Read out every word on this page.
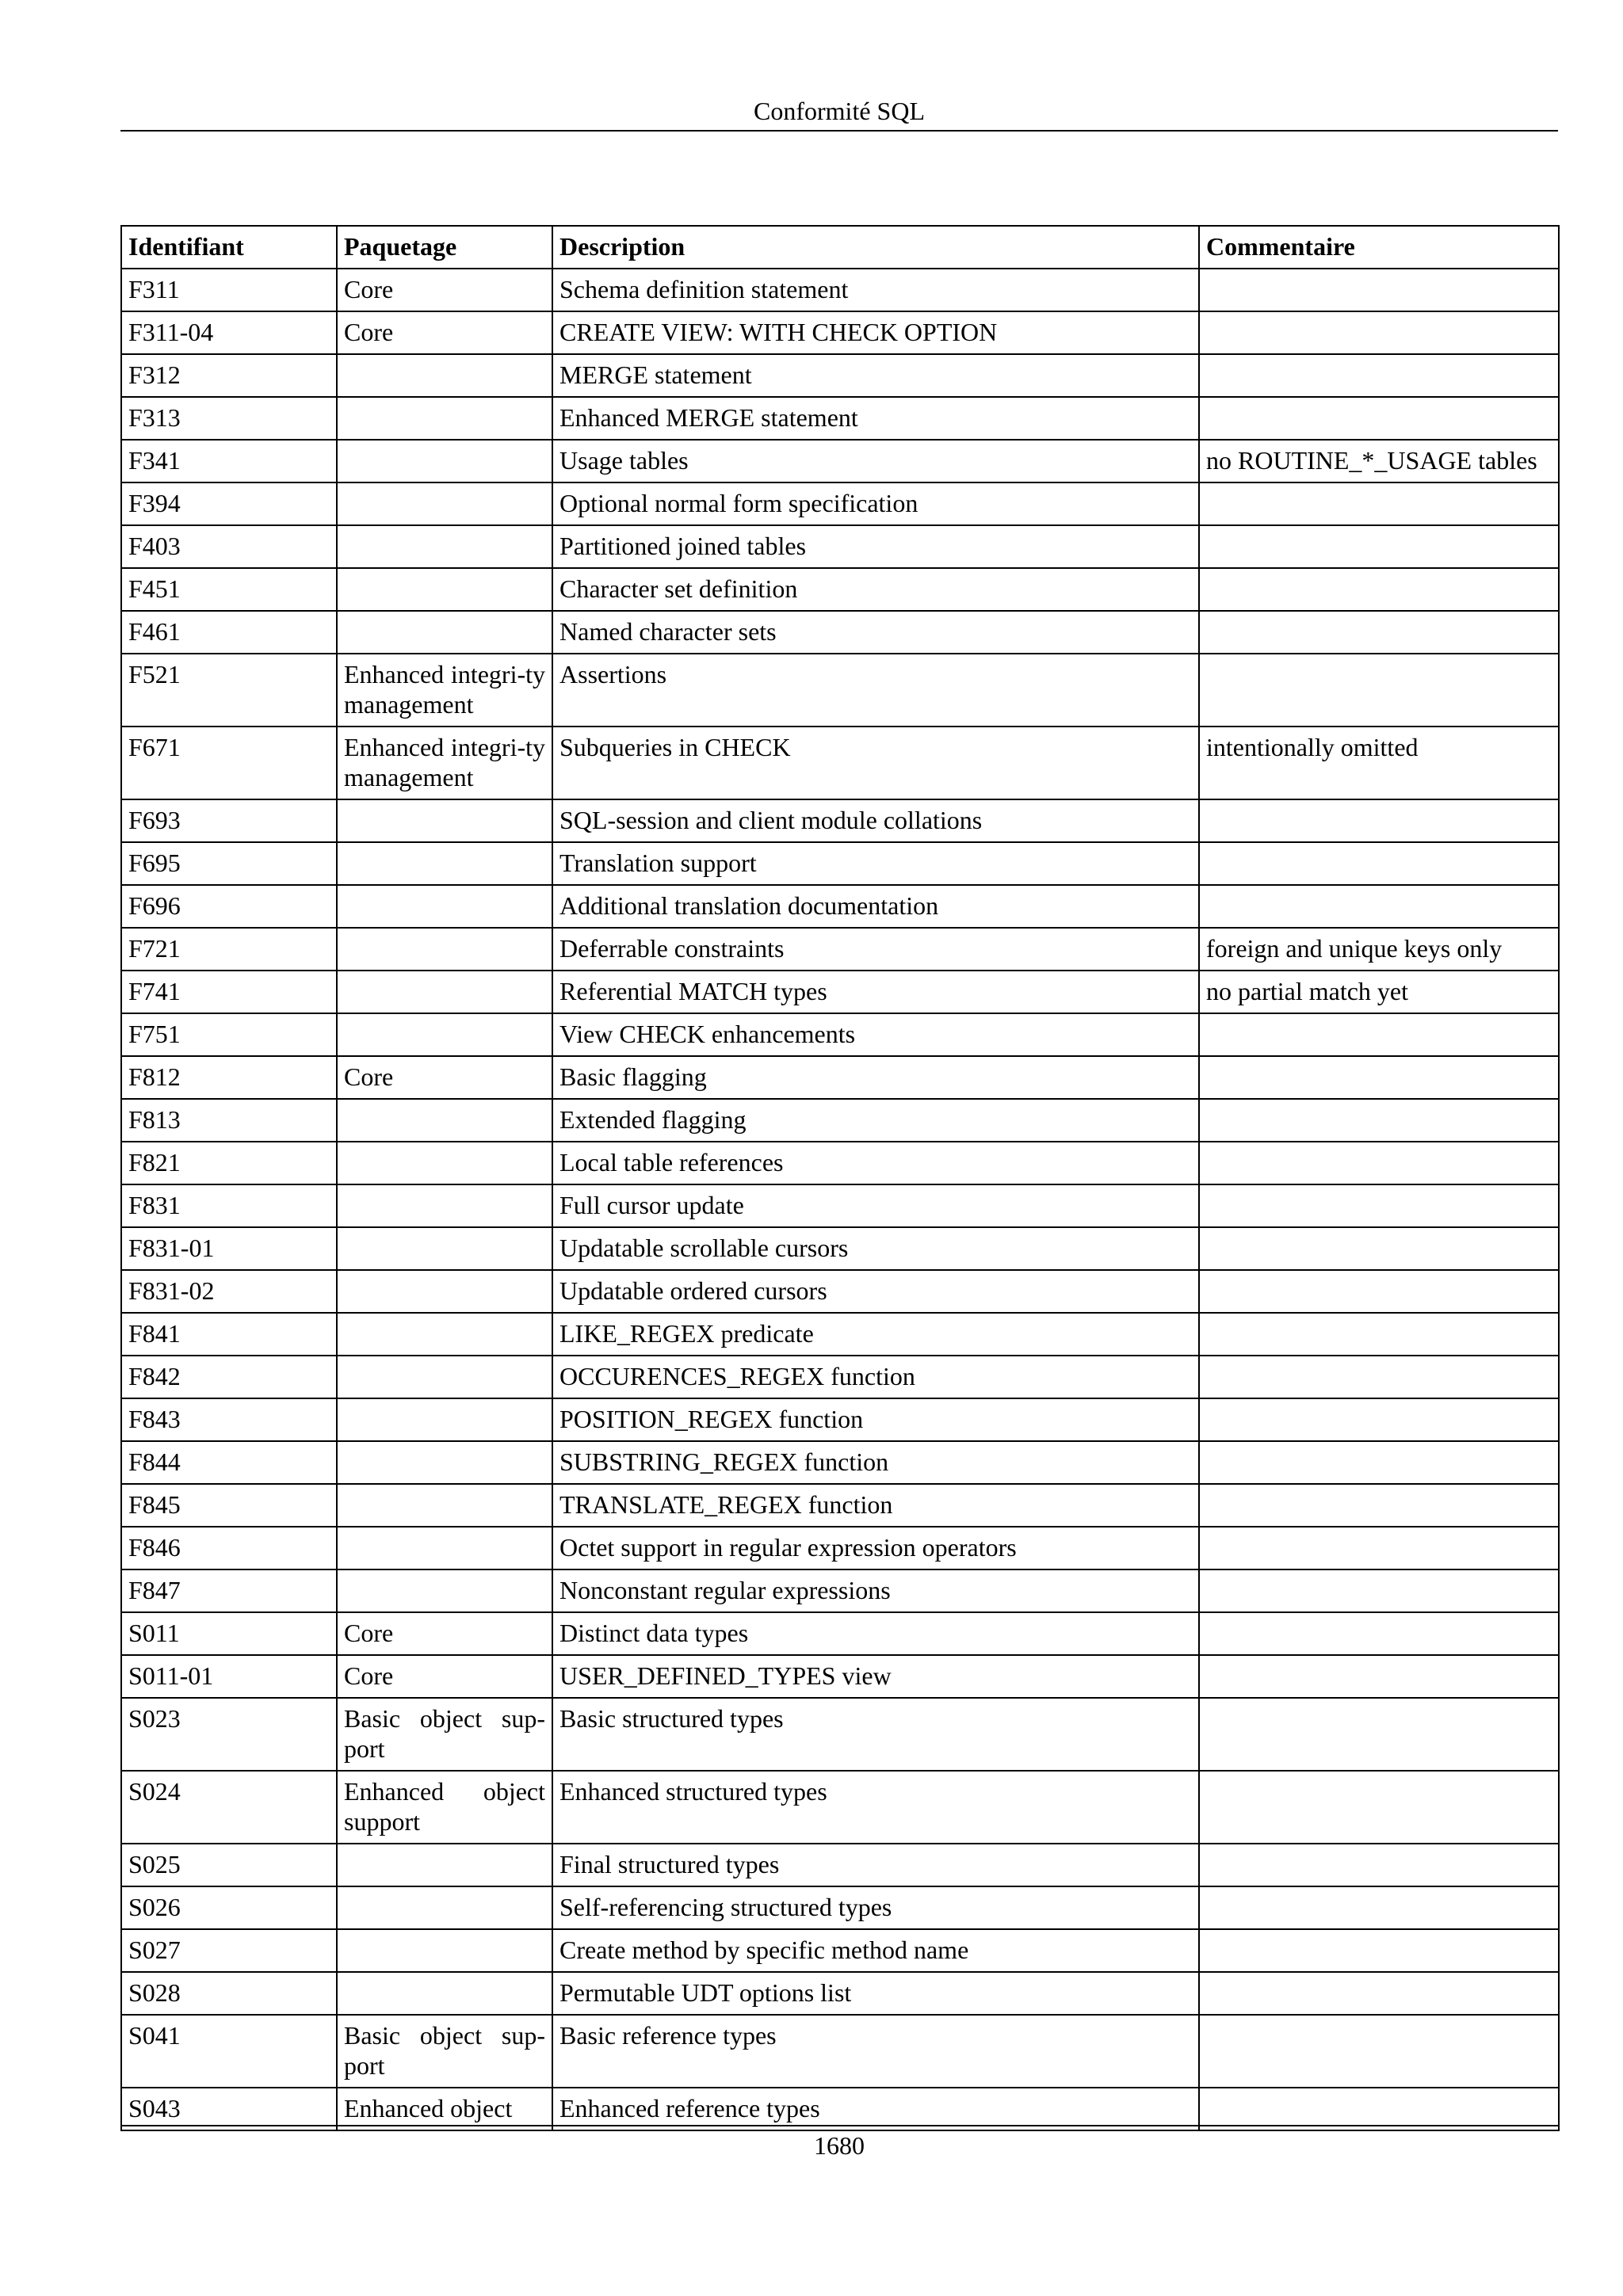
Conformité SQL
Identifiant	Paquetage	Description	Commentaire
F311	Core	Schema definition statement	
F311-04	Core	CREATE VIEW: WITH CHECK OPTION	
F312		MERGE statement	
F313		Enhanced MERGE statement	
F341		Usage tables	no ROUTINE_*_USAGE tables
F394		Optional normal form specification	
F403		Partitioned joined tables	
F451		Character set definition	
F461		Named character sets	
F521	Enhanced integri-ty management	Assertions	
F671	Enhanced integri-ty management	Subqueries in CHECK	intentionally omitted
F693		SQL-session and client module collations	
F695		Translation support	
F696		Additional translation documentation	
F721		Deferrable constraints	foreign and unique keys only
F741		Referential MATCH types	no partial match yet
F751		View CHECK enhancements	
F812	Core	Basic flagging	
F813		Extended flagging	
F821		Local table references	
F831		Full cursor update	
F831-01		Updatable scrollable cursors	
F831-02		Updatable ordered cursors	
F841		LIKE_REGEX predicate	
F842		OCCURENCES_REGEX function	
F843		POSITION_REGEX function	
F844		SUBSTRING_REGEX function	
F845		TRANSLATE_REGEX function	
F846		Octet support in regular expression operators	
F847		Nonconstant regular expressions	
S011	Core	Distinct data types	
S011-01	Core	USER_DEFINED_TYPES view	
S023	Basic object sup-port	Basic structured types	
S024	Enhanced object support	Enhanced structured types	
S025		Final structured types	
S026		Self-referencing structured types	
S027		Create method by specific method name	
S028		Permutable UDT options list	
S041	Basic object sup-port	Basic reference types	
S043	Enhanced object	Enhanced reference types	
1680
